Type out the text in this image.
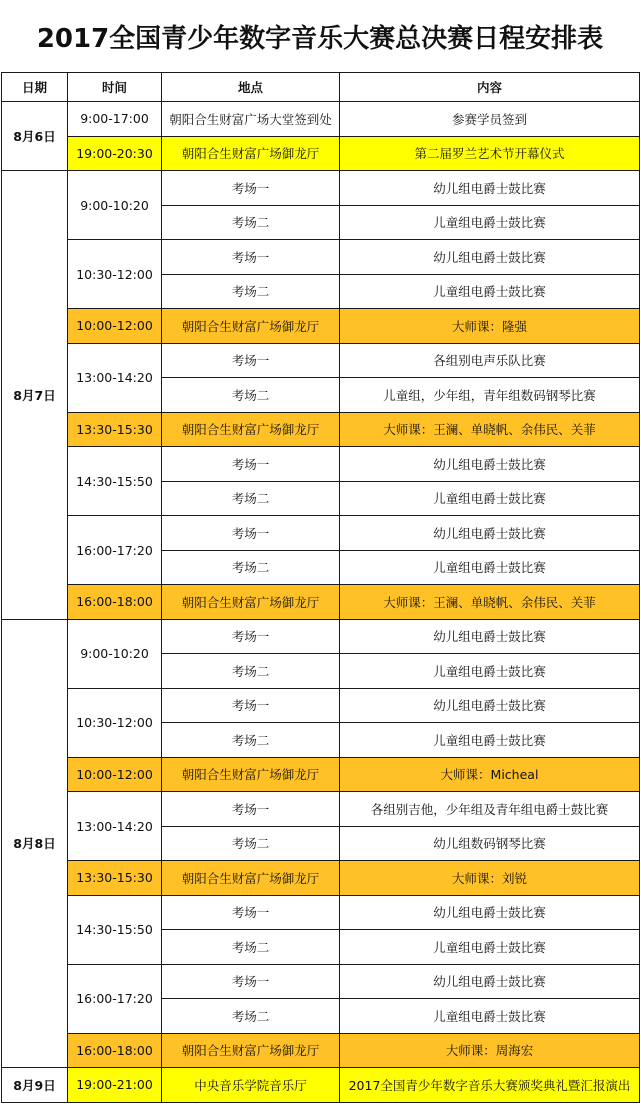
2017全国青少年数字音乐大赛总决赛日程安排表
日期	时间	地点	内容
8月6日	9:00-17:00	朝阳合生财富广场大堂签到处	参赛学员签到
	19:00-20:30	朝阳合生财富广场御龙厅	第二届罗兰艺术节开幕仪式
8月7日	9:00-10:20	考场一	幼儿组电爵士鼓比赛
		考场二	儿童组电爵士鼓比赛
	10:30-12:00	考场一	幼儿组电爵士鼓比赛
		考场二	儿童组电爵士鼓比赛
	10:00-12:00	朝阳合生财富广场御龙厅	大师课：隆强
	13:00-14:20	考场一	各组别电声乐队比赛
		考场二	儿童组，少年组，青年组数码钢琴比赛
	13:30-15:30	朝阳合生财富广场御龙厅	大师课：王澜、单晓帆、余伟民、关菲
	14:30-15:50	考场一	幼儿组电爵士鼓比赛
		考场二	儿童组电爵士鼓比赛
	16:00-17:20	考场一	幼儿组电爵士鼓比赛
		考场二	儿童组电爵士鼓比赛
	16:00-18:00	朝阳合生财富广场御龙厅	大师课：王澜、单晓帆、余伟民、关菲
8月8日	9:00-10:20	考场一	幼儿组电爵士鼓比赛
		考场二	儿童组电爵士鼓比赛
	10:30-12:00	考场一	幼儿组电爵士鼓比赛
		考场二	儿童组电爵士鼓比赛
	10:00-12:00	朝阳合生财富广场御龙厅	大师课：Micheal
	13:00-14:20	考场一	各组别吉他，少年组及青年组电爵士鼓比赛
		考场二	幼儿组数码钢琴比赛
	13:30-15:30	朝阳合生财富广场御龙厅	大师课：刘锐
	14:30-15:50	考场一	幼儿组电爵士鼓比赛
		考场二	儿童组电爵士鼓比赛
	16:00-17:20	考场一	幼儿组电爵士鼓比赛
		考场二	儿童组电爵士鼓比赛
	16:00-18:00	朝阳合生财富广场御龙厅	大师课：周海宏
8月9日	19:00-21:00	中央音乐学院音乐厅	2017全国青少年数字音乐大赛颁奖典礼暨汇报演出
